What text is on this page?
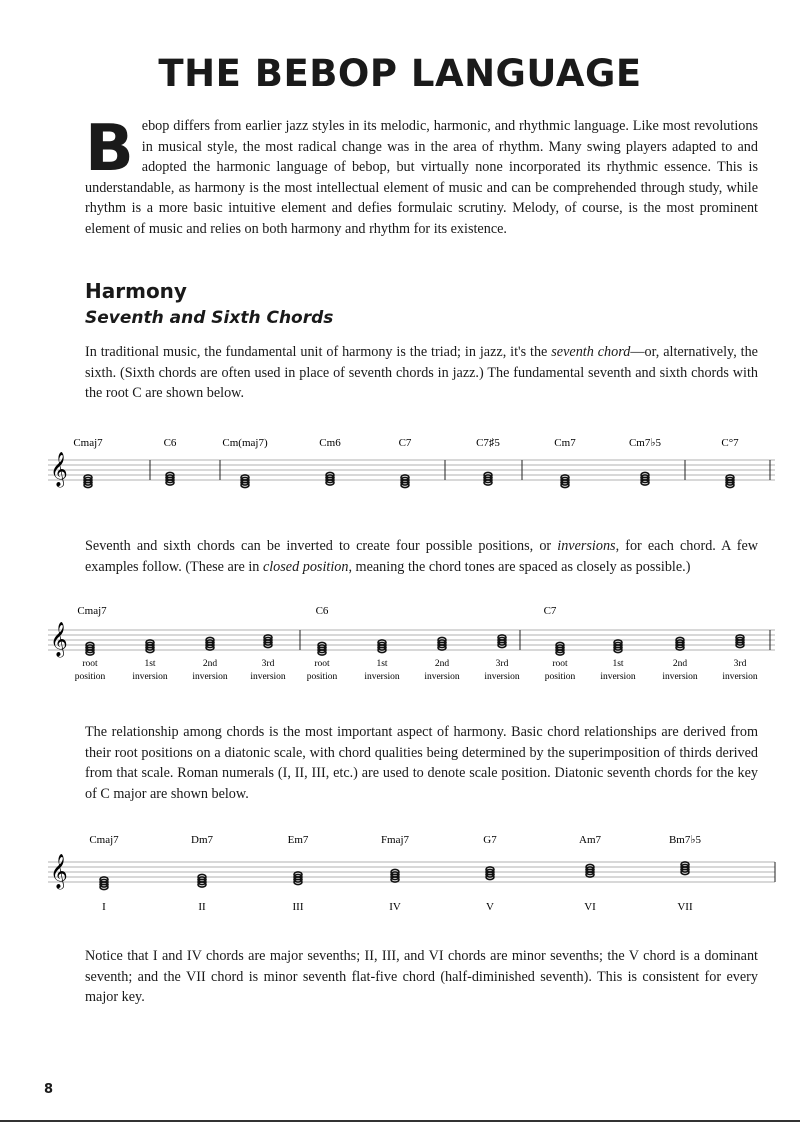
THE BEBOP LANGUAGE

Bebop differs from earlier jazz styles in its melodic, harmonic, and rhythmic language. Like most revolutions in musical style, the most radical change was in the area of rhythm. Many swing players adapted to and adopted the harmonic language of bebop, but virtually none incorporated its rhythmic essence. This is understandable, as harmony is the most intellectual element of music and can be comprehended through study, while rhythm is a more basic intuitive element and defies formulaic scrutiny. Melody, of course, is the most prominent element of music and relies on both harmony and rhythm for its existence.

Harmony
Seventh and Sixth Chords

In traditional music, the fundamental unit of harmony is the triad; in jazz, it's the seventh chord—or, alternatively, the sixth. (Sixth chords are often used in place of seventh chords in jazz.) The fundamental seventh and sixth chords with the root C are shown below.

𝄞
Cmaj7	C6	Cm(maj7)	Cm6	C7	C7♯5	Cm7	Cm7♭5	C°7
𝄞
Cmaj7	C6	C7
root
position
1st
inversion
2nd
inversion
3rd
inversion
root
position
1st
inversion
2nd
inversion
3rd
inversion
root
position
1st
inversion
2nd
inversion
3rd
inversion
𝄞
Cmaj7
I
Dm7
II
Em7
III
Fmaj7
IV
G7
V
Am7
VI
Bm7♭5
VII

Seventh and sixth chords can be inverted to create four possible positions, or inversions, for each chord. A few examples follow. (These are in closed position, meaning the chord tones are spaced as closely as possible.)

The relationship among chords is the most important aspect of harmony. Basic chord relationships are derived from their root positions on a diatonic scale, with chord qualities being determined by the superimposition of thirds derived from that scale. Roman numerals (I, II, III, etc.) are used to denote scale position. Diatonic seventh chords for the key of C major are shown below.

Notice that I and IV chords are major sevenths; II, III, and VI chords are minor sevenths; the V chord is a dominant seventh; and the VII chord is minor seventh flat-five chord (half-diminished seventh). This is consistent for every major key.

8
